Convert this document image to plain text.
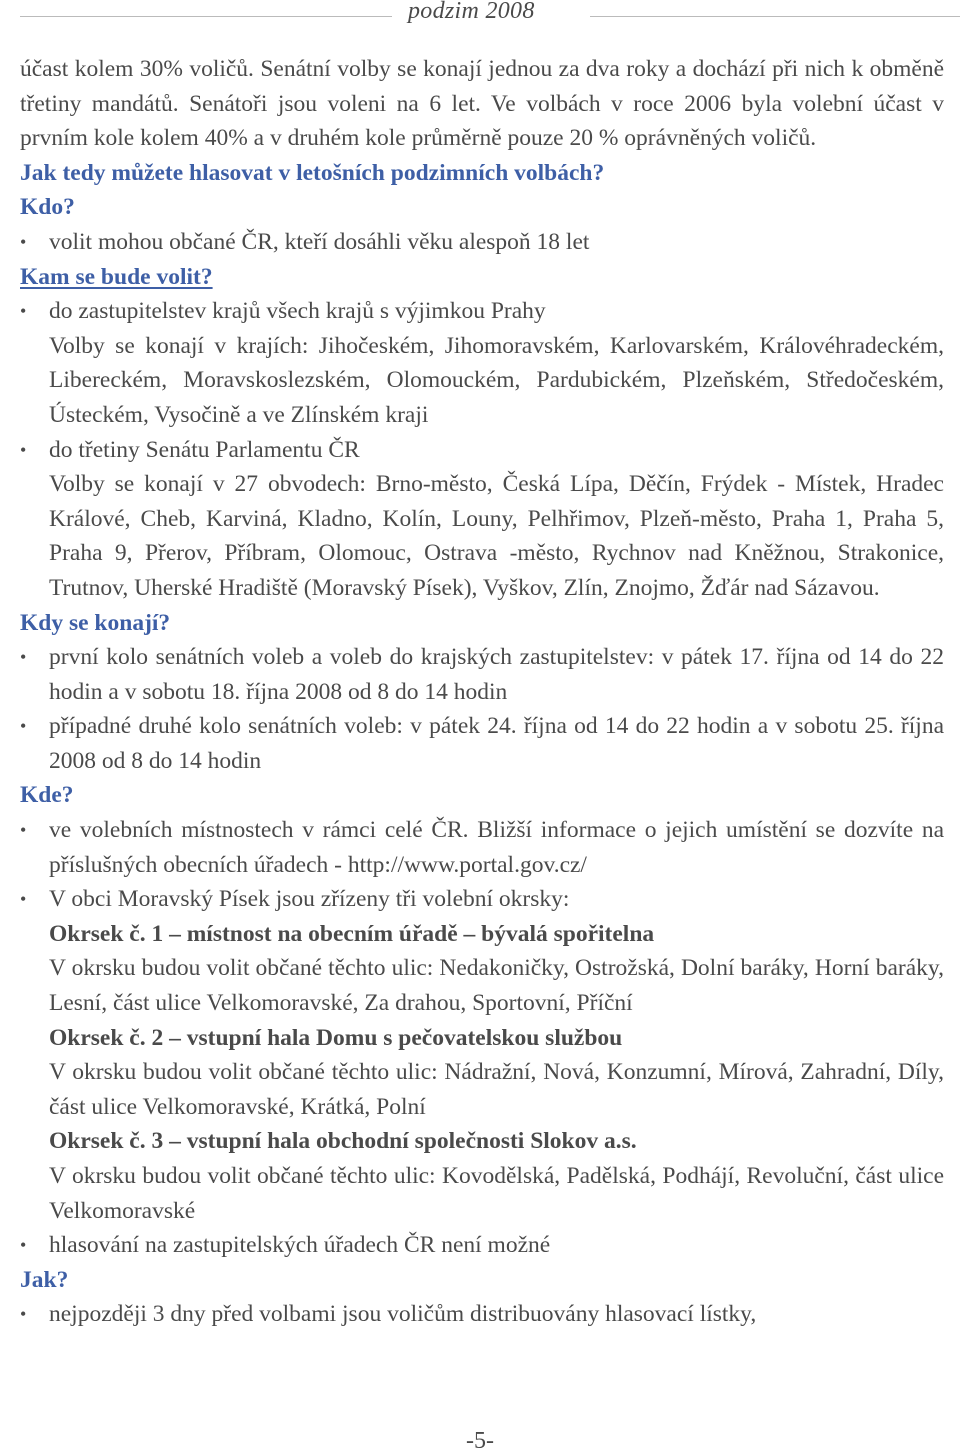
podzim 2008

účast kolem 30% voličů. Senátní volby se konají jednou za dva roky a dochází při nich k obměně třetiny mandátů. Senátoři jsou voleni na 6 let. Ve volbách v roce 2006 byla volební účast v prvním kole kolem 40% a v druhém kole průměrně pouze 20 % oprávněných voličů.

Jak tedy můžete hlasovat v letošních podzimních volbách?

Kdo?

• volit mohou občané ČR, kteří dosáhli věku alespoň 18 let

Kam se bude volit?

• do zastupitelstev krajů všech krajů s výjimkou Prahy
Volby se konají v krajích: Jihočeském, Jihomoravském, Karlovarském, Královéhradeckém, Libereckém, Moravskoslezském, Olomouckém, Pardubickém, Plzeňském, Středočeském, Ústeckém, Vysočině a ve Zlínském kraji
• do třetiny Senátu Parlamentu ČR
Volby se konají v 27 obvodech: Brno-město, Česká Lípa, Děčín, Frýdek - Místek, Hradec Králové, Cheb, Karviná, Kladno, Kolín, Louny, Pelhřimov, Plzeň-město, Praha 1, Praha 5, Praha 9, Přerov, Příbram, Olomouc, Ostrava -město, Rychnov nad Kněžnou, Strakonice, Trutnov, Uherské Hradiště (Moravský Písek), Vyškov, Zlín, Znojmo, Žďár nad Sázavou.

Kdy se konají?

• první kolo senátních voleb a voleb do krajských zastupitelstev: v pátek 17. října od 14 do 22 hodin a v sobotu 18. října 2008 od 8 do 14 hodin
• případné druhé kolo senátních voleb: v pátek 24. října od 14 do 22 hodin a v sobotu 25. října 2008 od 8 do 14 hodin

Kde?

• ve volebních místnostech v rámci celé ČR. Bližší informace o jejich umístění se dozvíte na příslušných obecních úřadech - http://www.portal.gov.cz/
• V obci Moravský Písek jsou zřízeny tři volební okrsky:
Okrsek č. 1 – místnost na obecním úřadě – bývalá spořitelna
V okrsku budou volit občané těchto ulic: Nedakoničky, Ostrožská, Dolní baráky, Horní baráky, Lesní, část ulice Velkomoravské, Za drahou, Sportovní, Příční
Okrsek č. 2 – vstupní hala Domu s pečovatelskou službou
V okrsku budou volit občané těchto ulic: Nádražní, Nová, Konzumní, Mírová, Zahradní, Díly, část ulice Velkomoravské, Krátká, Polní
Okrsek č. 3 – vstupní hala obchodní společnosti Slokov a.s.
V okrsku budou volit občané těchto ulic: Kovodělská, Padělská, Podhájí, Revoluční, část ulice Velkomoravské
• hlasování na zastupitelských úřadech ČR není možné

Jak?

• nejpozději 3 dny před volbami jsou voličům distribuovány hlasovací lístky,
-5-
